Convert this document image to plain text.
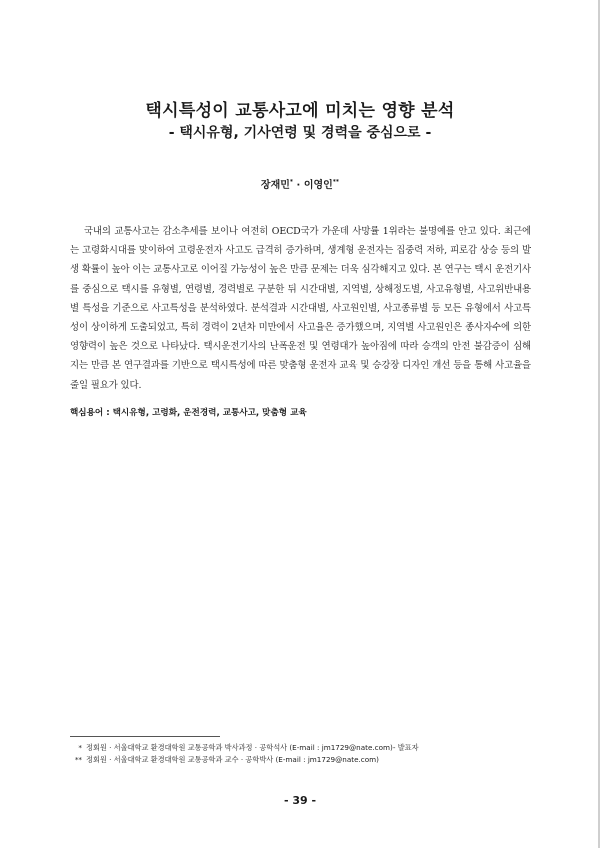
택시특성이 교통사고에 미치는 영향 분석
- 택시유형, 기사연령 및 경력을 중심으로 -
장재민* · 이영인**

국내의 교통사고는 감소추세를 보이나 여전히 OECD국가 가운데 사망률 1위라는 불명예를 안고 있다. 최근에는 고령화시대를 맞이하여 고령운전자 사고도 급격히 증가하며, 생계형 운전자는 집중력 저하, 피로감 상승 등의 발생 확률이 높아 이는 교통사고로 이어질 가능성이 높은 만큼 문제는 더욱 심각해지고 있다. 본 연구는 택시 운전기사를 중심으로 택시를 유형별, 연령별, 경력별로 구분한 뒤 시간대별, 지역별, 상해정도별, 사고유형별, 사고위반내용별 특성을 기준으로 사고특성을 분석하였다. 분석결과 시간대별, 사고원인별, 사고종류별 등 모든 유형에서 사고특성이 상이하게 도출되었고, 특히 경력이 2년차 미만에서 사고율은 증가했으며, 지역별 사고원인은 종사자수에 의한 영향력이 높은 것으로 나타났다. 택시운전기사의 난폭운전 및 연령대가 높아짐에 따라 승객의 안전 불감증이 심해지는 만큼 본 연구결과를 기반으로 택시특성에 따른 맞춤형 운전자 교육 및 승강장 디자인 개선 등을 통해 사고율을 줄일 필요가 있다.

핵심용어 : 택시유형, 고령화, 운전경력, 교통사고, 맞춤형 교육
* 정회원 · 서울대학교 환경대학원 교통공학과 박사과정 · 공학석사 (E-mail : jm1729@nate.com)- 발표자
** 정회원 · 서울대학교 환경대학원 교통공학과 교수 · 공학박사 (E-mail : jm1729@nate.com)
- 39 -
